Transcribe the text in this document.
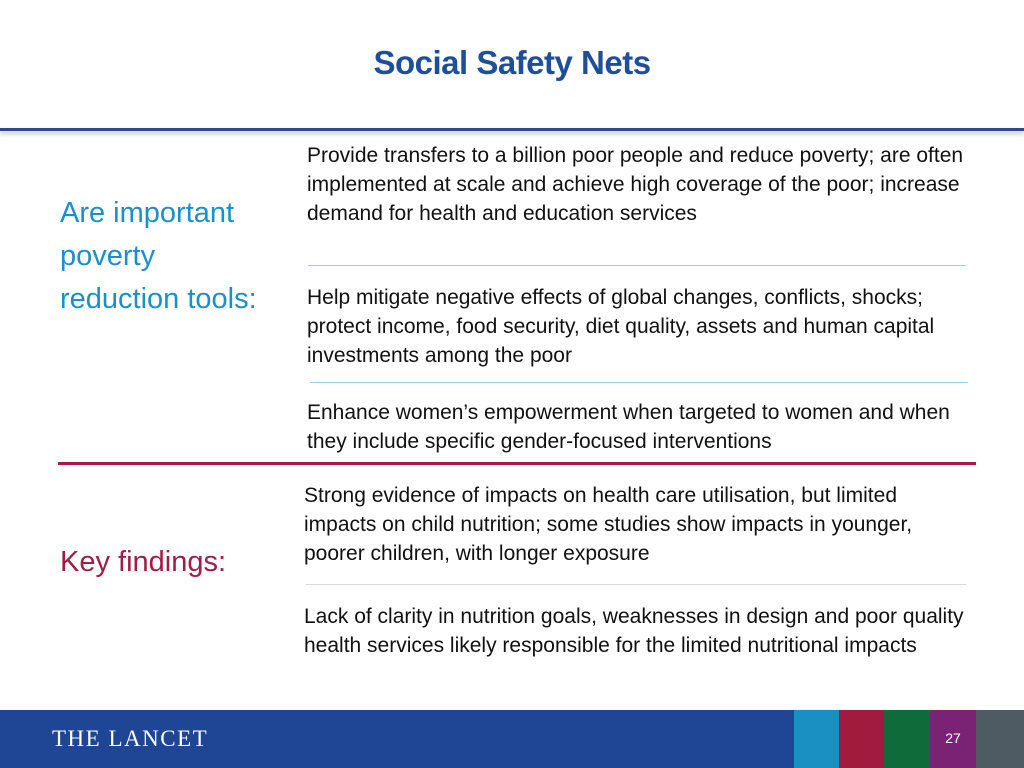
Social Safety Nets
Are important poverty reduction tools:

Provide transfers to a billion poor people and reduce poverty; are often implemented at scale and achieve high coverage of the poor; increase demand for health and education services

Help mitigate negative effects of global changes, conflicts, shocks; protect income, food security, diet quality, assets and human capital investments among the poor

Enhance women’s empowerment when targeted to women and when they include specific gender-focused interventions

Key findings:

Strong evidence of impacts on health care utilisation, but limited impacts on child nutrition; some studies show impacts in younger, poorer children, with longer exposure

Lack of clarity in nutrition goals, weaknesses in design and poor quality health services likely responsible for the limited nutritional impacts

THE LANCET	27
